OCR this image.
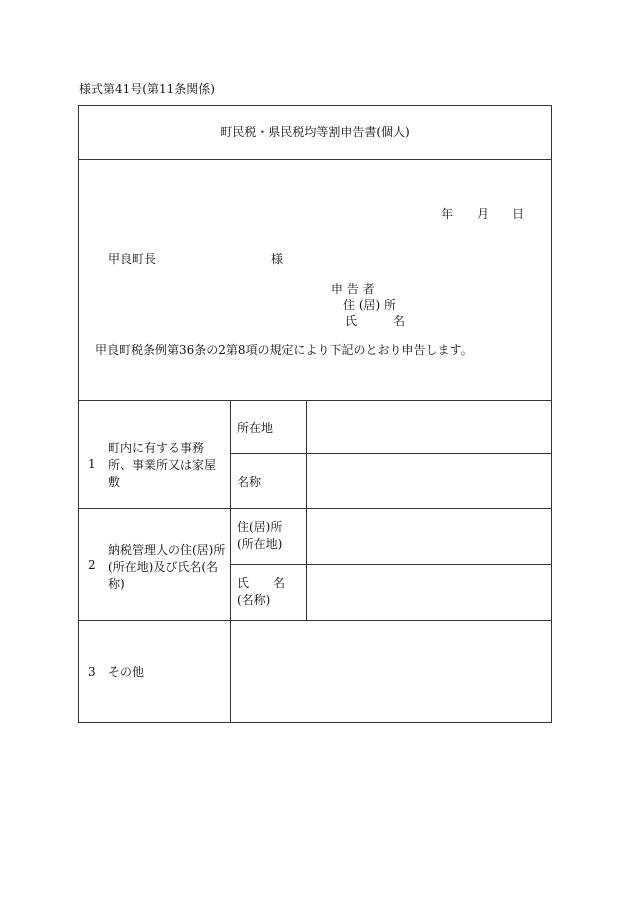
様式第41号(第11条関係)
町民税・県民税均等割申告書(個人)
年 月 日
甲良町長	様
申 告 者
住 (居) 所
氏　　　名
甲良町税条例第36条の2第8項の規定により下記のとおり申告します。
1
町内に有する事務所、事業所又は家屋敷
所在地
名称
2
納税管理人の住(居)所(所在地)及び氏名(名称)
住(居)所
(所在地)
氏　　名
(名称)
3 その他
